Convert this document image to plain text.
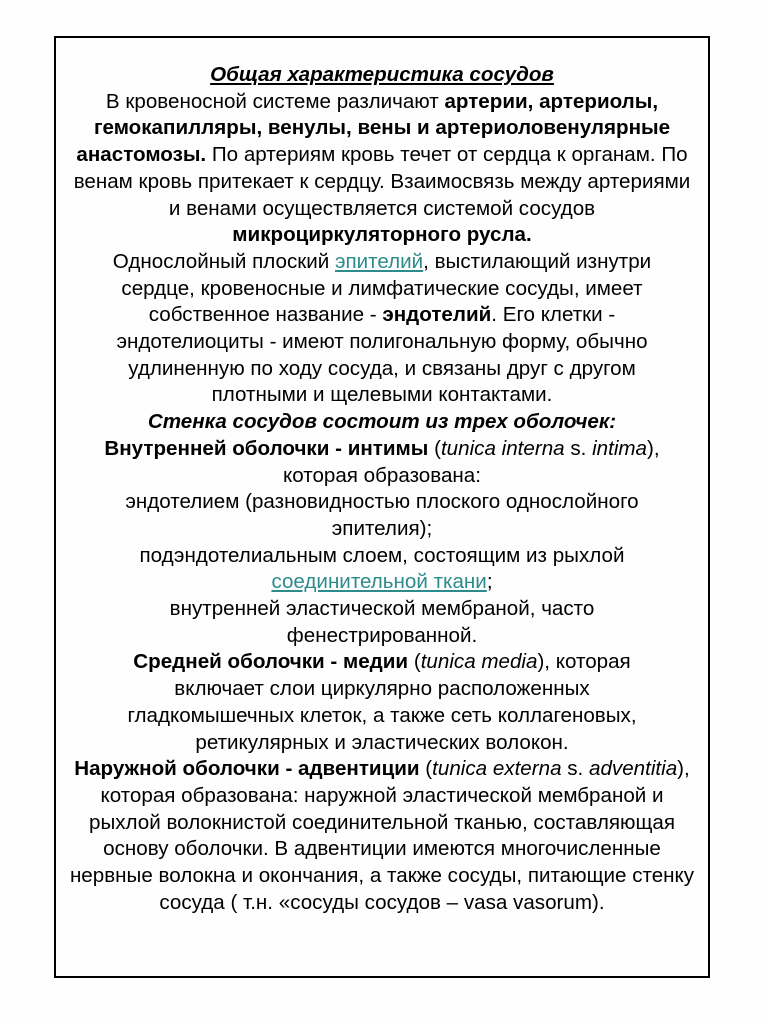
Общая характеристика сосудов

В кровеносной системе различают артерии, артериолы, гемокапилляры, венулы, вены и артериоловенулярные анастомозы. По артериям кровь течет от сердца к органам. По венам кровь притекает к сердцу. Взаимосвязь между артериями и венами осуществляется системой сосудов микроциркуляторного русла.

Однослойный плоский эпителий, выстилающий изнутри сердце, кровеносные и лимфатические сосуды, имеет собственное название - эндотелий. Его клетки - эндотелиоциты - имеют полигональную форму, обычно удлиненную по ходу сосуда, и связаны друг с другом плотными и щелевыми контактами.

Стенка сосудов состоит из трех оболочек:

Внутренней оболочки - интимы (tunica interna s. intima), которая образована:

эндотелием (разновидностью плоского однослойного эпителия);

подэндотелиальным слоем, состоящим из рыхлой соединительной ткани;

внутренней эластической мембраной, часто фенестрированной.

Средней оболочки - медии (tunica media), которая включает слои циркулярно расположенных гладкомышечных клеток, а также сеть коллагеновых, ретикулярных и эластических волокон.

Наружной оболочки - адвентиции (tunica externa s. adventitia), которая образована: наружной эластической мембраной и рыхлой волокнистой соединительной тканью, составляющая основу оболочки. В адвентиции имеются многочисленные нервные волокна и окончания, а также сосуды, питающие стенку сосуда ( т.н. «сосуды сосудов – vasa vasorum).
